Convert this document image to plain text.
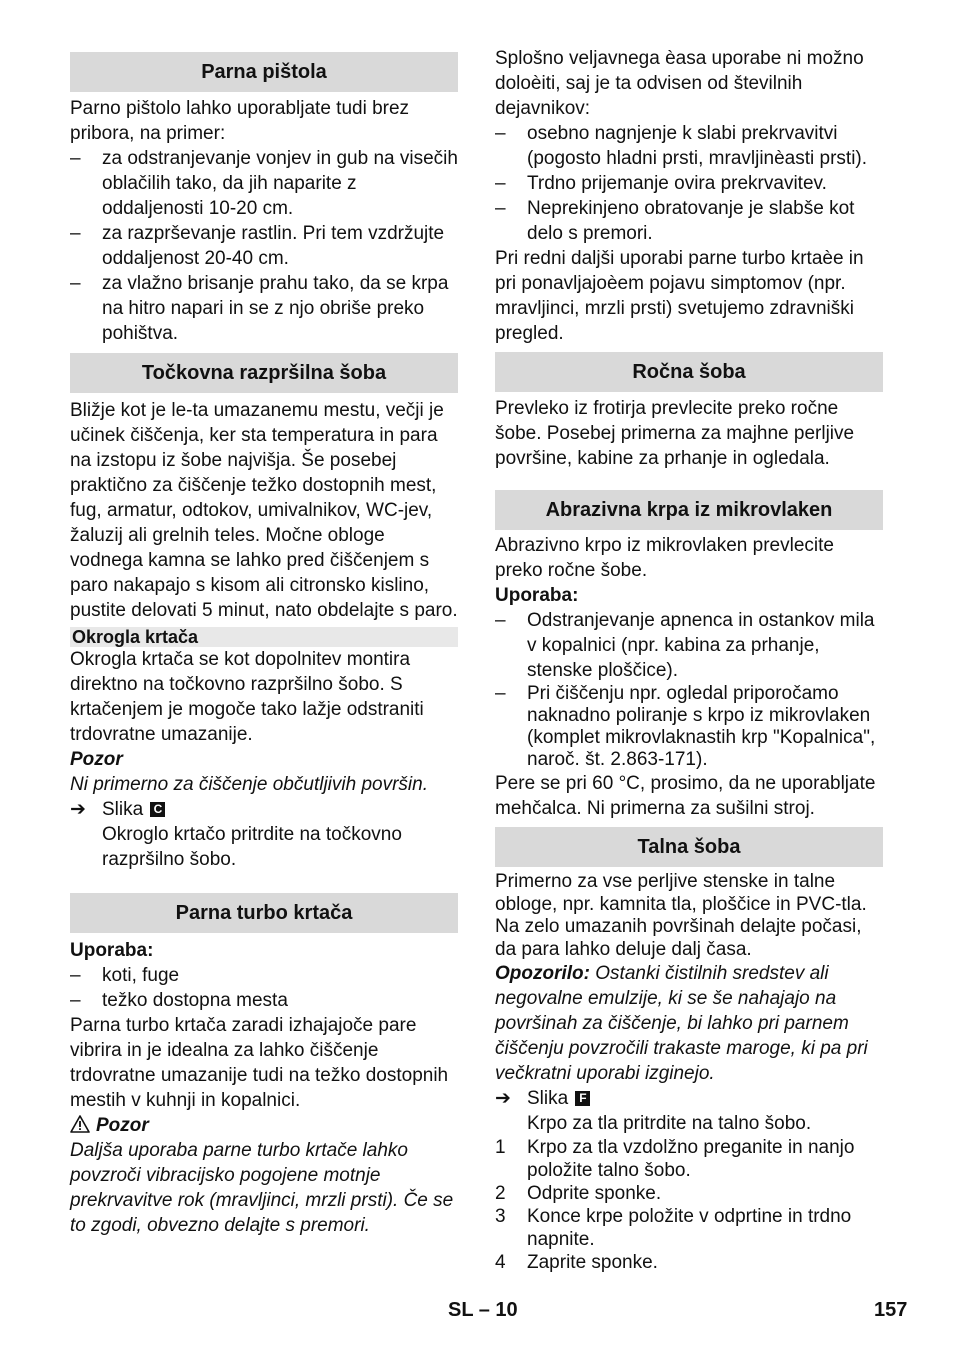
Parna pištola

Parno pištolo lahko uporabljate tudi brez pribora, na primer:

– za odstranjevanje vonjev in gub na visečih oblačilih tako, da jih naparite z oddaljenosti 10-20 cm.
– za razprševanje rastlin. Pri tem vzdržujte oddaljenost 20-40 cm.
– za vlažno brisanje prahu tako, da se krpa na hitro napari in se z njo obriše preko pohištva.
Točkovna razpršilna šoba

Bližje kot je le-ta umazanemu mestu, večji je učinek čiščenja, ker sta temperatura in para na izstopu iz šobe najvišja. Še posebej praktično za čiščenje težko dostopnih mest, fug, armatur, odtokov, umivalnikov, WC-jev, žaluzij ali grelnih teles. Močne obloge vodnega kamna se lahko pred čiščenjem s paro nakapajo s kisom ali citronsko kislino, pustite delovati 5 minut, nato obdelajte s paro.

Okrogla krtača

Okrogla krtača se kot dopolnitev montira direktno na točkovno razpršilno šobo. S krtačenjem je mogoče tako lažje odstraniti trdovratne umazanije.

Pozor

Ni primerno za čiščenje občutljivih površin.

➔ Slika C

Okroglo krtačo pritrdite na točkovno razpršilno šobo.

Parna turbo krtača

Uporaba:

– koti, fuge
– težko dostopna mesta

Parna turbo krtača zaradi izhajajoče pare vibrira in je idealna za lahko čiščenje trdovratne umazanije tudi na težko dostopnih mestih v kuhnji in kopalnici.

Pozor

Daljša uporaba parne turbo krtače lahko povzroči vibracijsko pogojene motnje prekrvavitve rok (mravljinci, mrzli prsti). Če se to zgodi, obvezno delajte s premori.

Splošno veljavnega èasa uporabe ni možno doloèiti, saj je ta odvisen od številnih dejavnikov:

– osebno nagnjenje k slabi prekrvavitvi (pogosto hladni prsti, mravljinèasti prsti).
– Trdno prijemanje ovira prekrvavitev.
– Neprekinjeno obratovanje je slabše kot delo s premori.

Pri redni daljši uporabi parne turbo krtaèe in pri ponavljajoèem pojavu simptomov (npr. mravljinci, mrzli prsti) svetujemo zdravniški pregled.

Ročna šoba

Prevleko iz frotirja prevlecite preko ročne šobe. Posebej primerna za majhne perljive površine, kabine za prhanje in ogledala.

Abrazivna krpa iz mikrovlaken

Abrazivno krpo iz mikrovlaken prevlecite preko ročne šobe.

Uporaba:

– Odstranjevanje apnenca in ostankov mila v kopalnici (npr. kabina za prhanje, stenske ploščice).
– Pri čiščenju npr. ogledal priporočamo naknadno poliranje s krpo iz mikrovlaken (komplet mikrovlaknastih krp "Kopalnica", naroč. št. 2.863-171).

Pere se pri 60 °C, prosimo, da ne uporabljate mehčalca. Ni primerna za sušilni stroj.

Talna šoba

Primerno za vse perljive stenske in talne obloge, npr. kamnita tla, ploščice in PVC-tla. Na zelo umazanih površinah delajte počasi, da para lahko deluje dalj časa.

Opozorilo: Ostanki čistilnih sredstev ali negovalne emulzije, ki se še nahajajo na površinah za čiščenje, bi lahko pri parnem čiščenju povzročili trakaste maroge, ki pa pri večkratni uporabi izginejo.

➔ Slika F

Krpo za tla pritrdite na talno šobo.

1 Krpo za tla vzdolžno preganite in nanjo položite talno šobo.
2 Odprite sponke.
3 Konce krpe položite v odprtine in trdno napnite.
4 Zaprite sponke.
SL – 10	157
